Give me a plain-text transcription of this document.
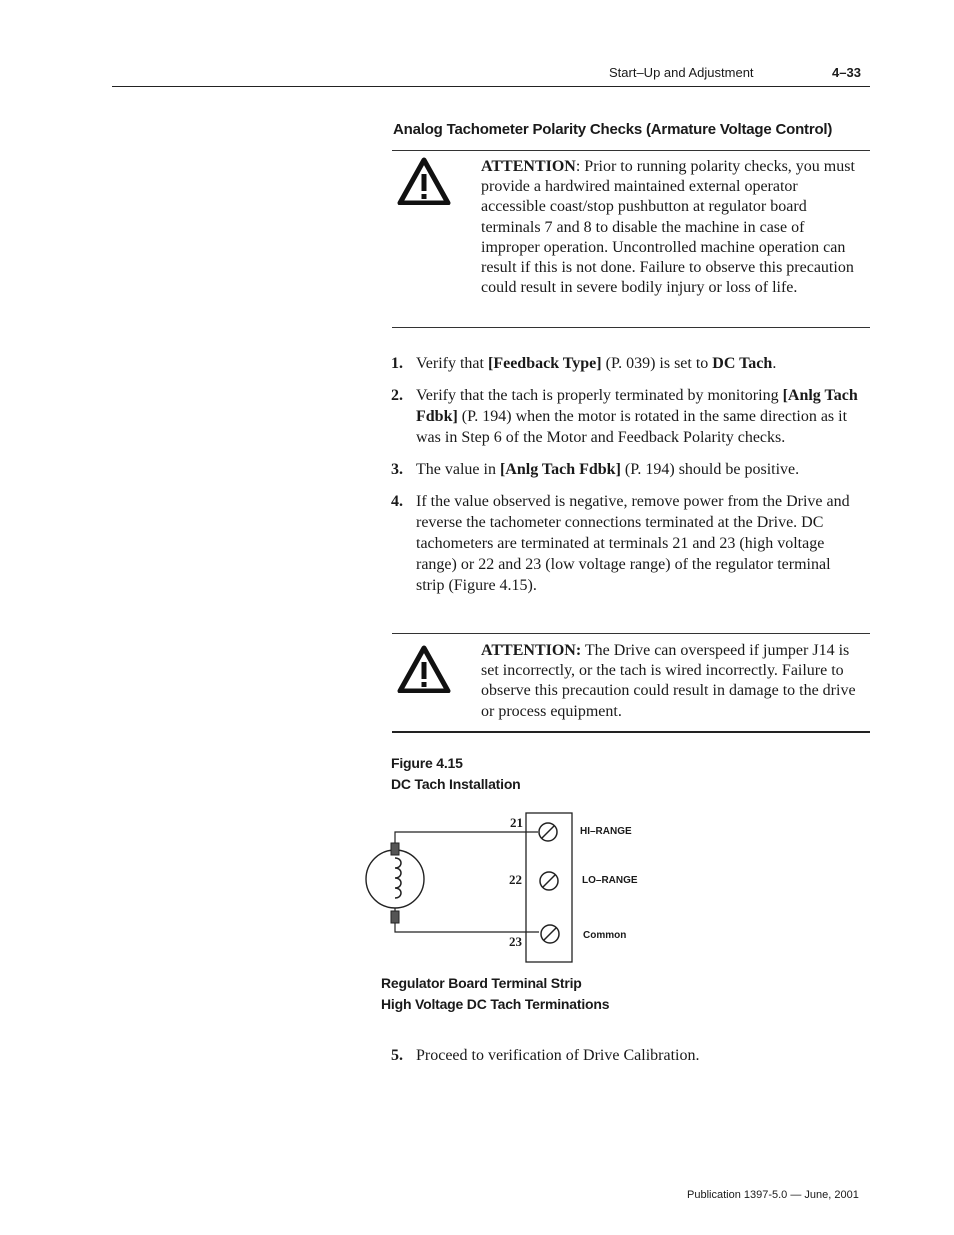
Start–Up and Adjustment	4–33
Analog Tachometer Polarity Checks (Armature Voltage Control)
ATTENTION: Prior to running polarity checks, you must provide a hardwired maintained external operator accessible coast/stop pushbutton at regulator board terminals 7 and 8 to disable the machine in case of improper operation. Uncontrolled machine operation can result if this is not done. Failure to observe this precaution could result in severe bodily injury or loss of life.
1. Verify that [Feedback Type] (P. 039) is set to DC Tach.
2. Verify that the tach is properly terminated by monitoring [Anlg Tach Fdbk] (P. 194) when the motor is rotated in the same direction as it was in Step 6 of the Motor and Feedback Polarity checks.
3. The value in [Anlg Tach Fdbk] (P. 194) should be positive.
4. If the value observed is negative, remove power from the Drive and reverse the tachometer connections terminated at the Drive. DC tachometers are terminated at terminals 21 and 23 (high voltage range) or 22 and 23 (low voltage range) of the regulator terminal strip (Figure 4.15).
ATTENTION: The Drive can overspeed if jumper J14 is set incorrectly, or the tach is wired incorrectly. Failure to observe this precaution could result in damage to the drive or process equipment.
Figure 4.15
DC Tach Installation
21
22
23
HI–RANGE
LO–RANGE
Common
Regulator Board Terminal Strip
High Voltage DC Tach Terminations
5. Proceed to verification of Drive Calibration.
Publication 1397-5.0 — June, 2001
